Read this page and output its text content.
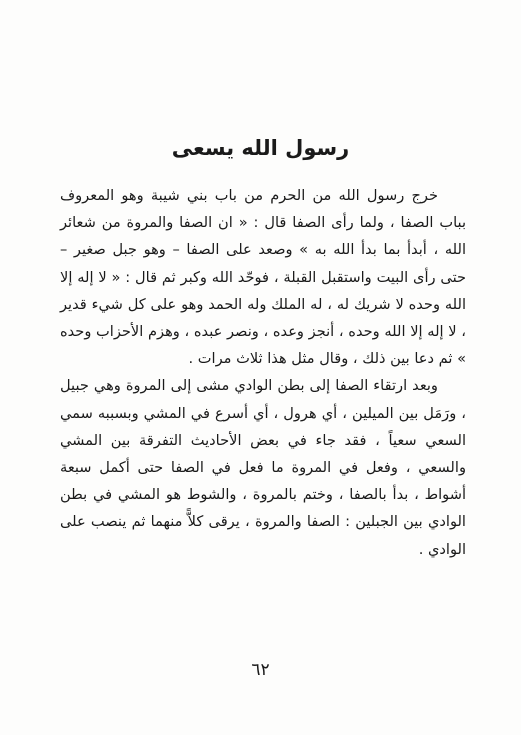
رسول الله يسعى

خرج رسول الله من الحرم من باب بني شيبة وهو المعروف بباب الصفا ، ولما رأى الصفا قال : « ان الصفا والمروة من شعائر الله ، أبدأ بما بدأ الله به » وصعد على الصفا – وهو جبل صغير – حتى رأى البيت واستقبل القبلة ، فوحّد الله وكبر ثم قال : « لا إله إلا الله وحده لا شريك له ، له الملك وله الحمد وهو على كل شيء قدير ، لا إله إلا الله وحده ، أنجز وعده ، ونصر عبده ، وهزم الأحزاب وحده » ثم دعا بين ذلك ، وقال مثل هذا ثلاث مرات .

وبعد ارتقاء الصفا إلى بطن الوادي مشى إلى المروة وهي جبيل ، ورَمَل بين الميلين ، أي هرول ، أي أسرع في المشي وبسببه سمي السعي سعياً ، فقد جاء في بعض الأحاديث التفرقة بين المشي والسعي ، وفعل في المروة ما فعل في الصفا حتى أكمل سبعة أشواط ، بدأ بالصفا ، وختم بالمروة ، والشوط هو المشي في بطن الوادي بين الجبلين : الصفا والمروة ، يرقى كلاًّ منهما ثم ينصب على الوادي .

٦٢
